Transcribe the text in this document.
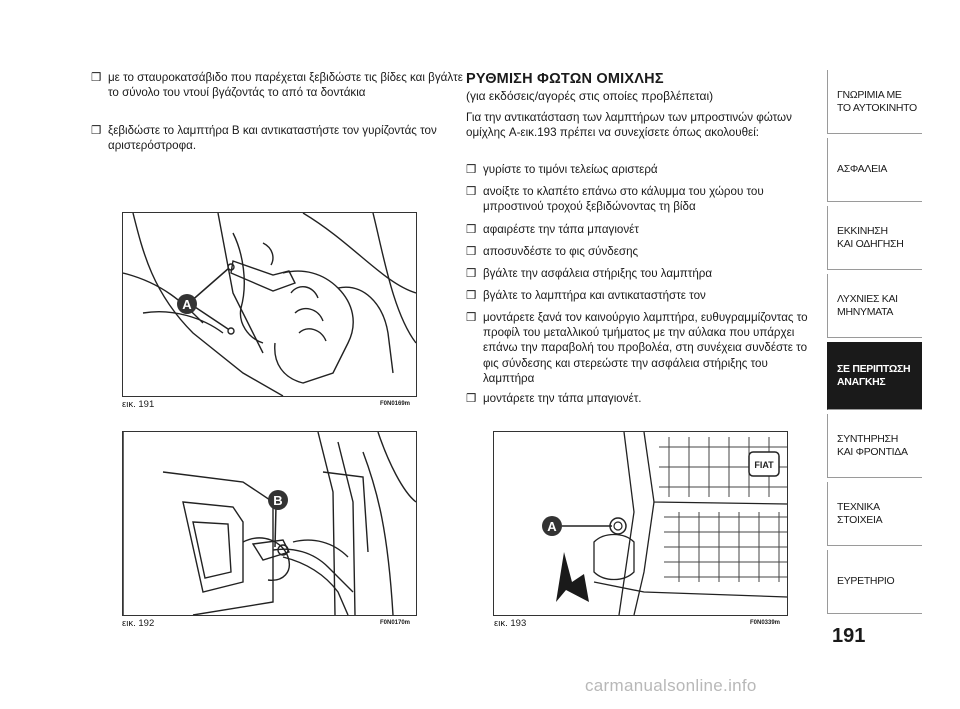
❒ με το σταυροκατσάβιδο που παρέχεται ξεβιδώστε τις βίδες και βγάλτε το σύνολο του ντουί βγάζοντάς το από τα δοντάκια
❒ ξεβιδώστε το λαμπτήρα B και αντικαταστήστε τον γυρίζοντάς τον αριστερόστροφα.
A
εικ. 191	F0N0169m
B
εικ. 192	F0N0170m
ΡΥΘΜΙΣΗ ΦΩΤΩΝ ΟΜΙΧΛΗΣ
(για εκδόσεις/αγορές στις οποίες προβλέπεται)
Για την αντικατάσταση των λαμπτήρων των μπροστινών φώτων ομίχλης A-εικ.193 πρέπει να συνεχίσετε όπως ακολουθεί:
❒ γυρίστε το τιμόνι τελείως αριστερά
❒ ανοίξτε το κλαπέτο επάνω στο κάλυμμα του χώρου του μπροστινού τροχού ξεβιδώνοντας τη βίδα
❒ αφαιρέστε την τάπα μπαγιονέτ
❒ αποσυνδέστε το φις σύνδεσης
❒ βγάλτε την ασφάλεια στήριξης του λαμπτήρα
❒ βγάλτε το λαμπτήρα και αντικαταστήστε τον
❒ μοντάρετε ξανά τον καινούργιο λαμπτήρα, ευθυγραμμίζοντας το προφίλ του μεταλλικού τμήματος με την αύλακα που υπάρχει επάνω την παραβολή του προβολέα, στη συνέχεια συνδέστε το φις σύνδεσης και στερεώστε την ασφάλεια στήριξης του λαμπτήρα
❒ μοντάρετε την τάπα μπαγιονέτ.
FIAT
A
εικ. 193	F0N0339m
ΓΝΩΡΙΜΙΑ ΜΕ
ΤΟ ΑΥΤΟΚΙΝΗΤΟ
ΑΣΦΑΛΕΙΑ
ΕΚΚΙΝΗΣΗ
ΚΑΙ ΟΔΗΓΗΣΗ
ΛΥΧΝΙΕΣ ΚΑΙ
ΜΗΝΥΜΑΤΑ
ΣΕ ΠΕΡΙΠΤΩΣΗ
ΑΝΑΓΚΗΣ
ΣΥΝΤΗΡΗΣΗ
ΚΑΙ ΦΡΟΝΤΙΔΑ
ΤΕΧΝΙΚΑ
ΣΤΟΙΧΕΙΑ
ΕΥΡΕΤΗΡΙΟ
191
carmanualsonline.info
